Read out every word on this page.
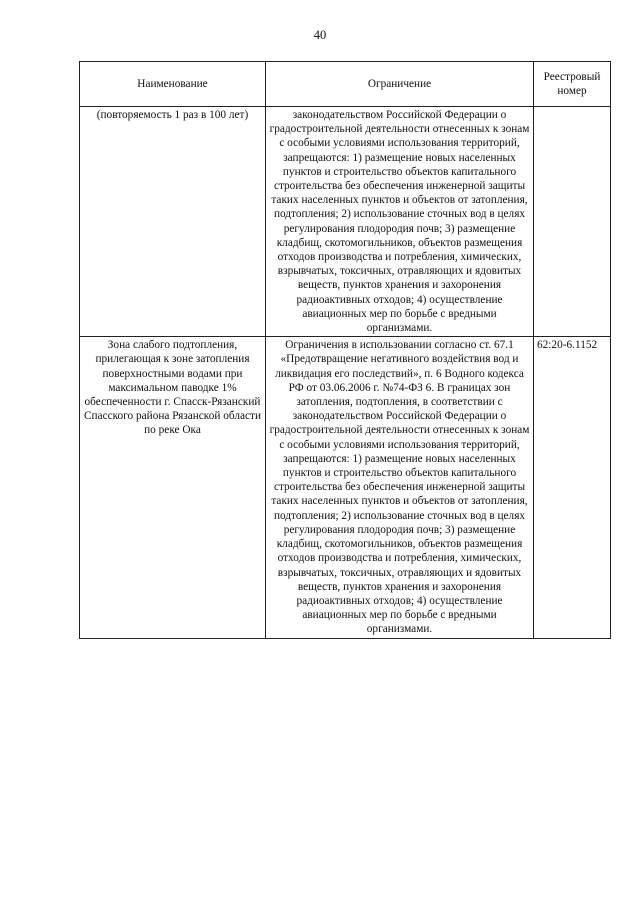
40
Наименование	Ограничение	Реестровый номер
(повторяемость 1 раз в 100 лет)	законодательством Российской Федерации о градостроительной деятельности отнесенных к зонам с особыми условиями использования территорий, запрещаются: 1) размещение новых населенных пунктов и строительство объектов капитального строительства без обеспечения инженерной защиты таких населенных пунктов и объектов от затопления, подтопления; 2) использование сточных вод в целях регулирования плодородия почв; 3) размещение кладбищ, скотомогильников, объектов размещения отходов производства и потребления, химических, взрывчатых, токсичных, отравляющих и ядовитых веществ, пунктов хранения и захоронения радиоактивных отходов; 4) осуществление авиационных мер по борьбе с вредными организмами.	
Зона слабого подтопления, прилегающая к зоне затопления поверхностными водами при максимальном паводке 1% обеспеченности г. Спасск-Рязанский Спасского района Рязанской области по реке Ока	Ограничения в использовании согласно ст. 67.1 «Предотвращение негативного воздействия вод и ликвидация его последствий», п. 6 Водного кодекса РФ от 03.06.2006 г. №74-ФЗ 6. В границах зон затопления, подтопления, в соответствии с законодательством Российской Федерации о градостроительной деятельности отнесенных к зонам с особыми условиями использования территорий, запрещаются: 1) размещение новых населенных пунктов и строительство объектов капитального строительства без обеспечения инженерной защиты таких населенных пунктов и объектов от затопления, подтопления; 2) использование сточных вод в целях регулирования плодородия почв; 3) размещение кладбищ, скотомогильников, объектов размещения отходов производства и потребления, химических, взрывчатых, токсичных, отравляющих и ядовитых веществ, пунктов хранения и захоронения радиоактивных отходов; 4) осуществление авиационных мер по борьбе с вредными организмами.	62:20-6.1152
